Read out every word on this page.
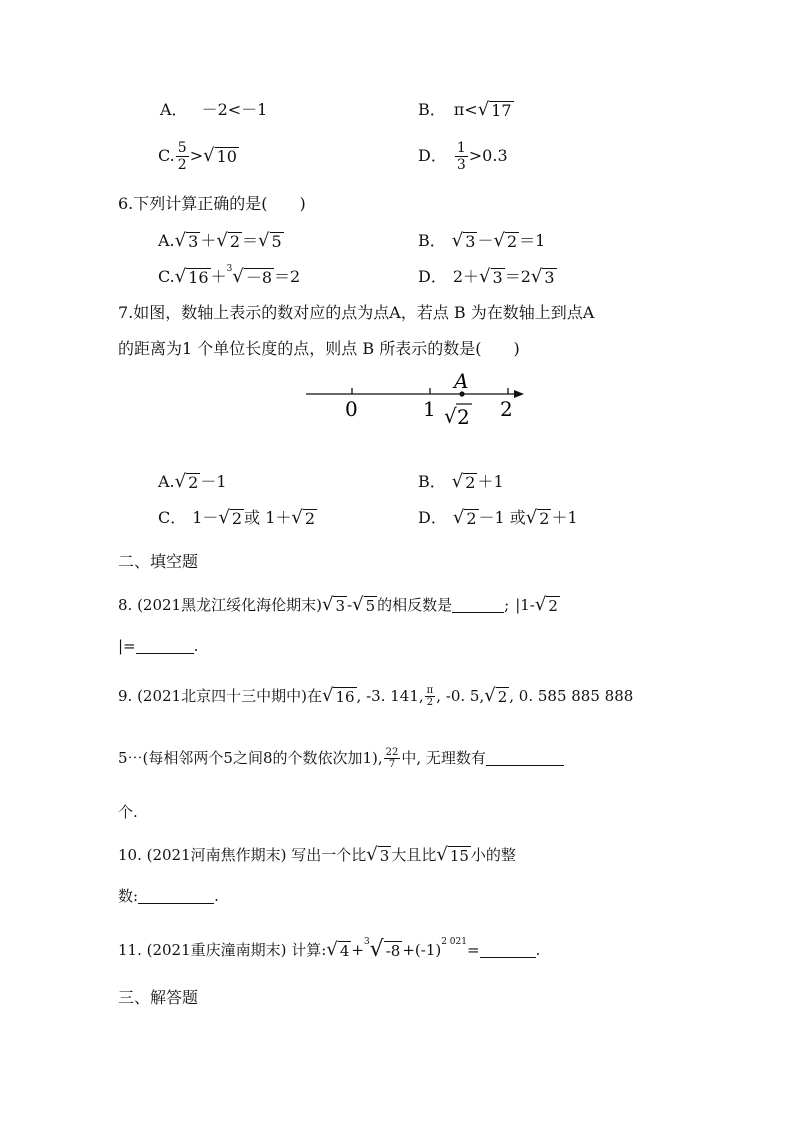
A． －2<－1	B． π< √ 17
C. $\frac{5}{2}$ > √ 10	D． $\frac{1}{3} >0.3$
6.下列计算正确的是(　　)
A. √ 3 ＋ √ 2 ＝ √ 5	B． √ 3 － √ 2 ＝1
C. √ 16 ＋ 3 √ －8 ＝2	D． 2＋ √ 3 ＝2 √ 3
7.如图，数轴上表示的数对应的点为点A，若点 B 为在数轴上到点A
的距离为1 个单位长度的点，则点 B 所表示的数是(　　)
0	1	2
A
√ 2
A. √ 2 －1	B． √ 2 ＋1
C． 1－ √ 2 或 1＋ √ 2	D． √ 2 －1 或 √ 2 ＋1
二、填空题
8. (2021黑龙江绥化海伦期末) √ 3 - √ 5 的相反数是	; |1- √ 2
|=	.
9. (2021北京四十三中期中)在 √ 16 , -3. 141, $\frac{\pi}{2}$ , -0. 5, √ 2 , 0. 585 885 888
5⋯(每相邻两个5之间8的个数依次加1), $\frac{22}{7}$ 中, 无理数有
个.
10. (2021河南焦作期末) 写出一个比 √ 3 大且比 √ 15 小的整
数:	.
11. (2021重庆潼南期末) 计算: √ 4 + 3 √ -8 +(-1) 2 021 =	.
三、解答题
